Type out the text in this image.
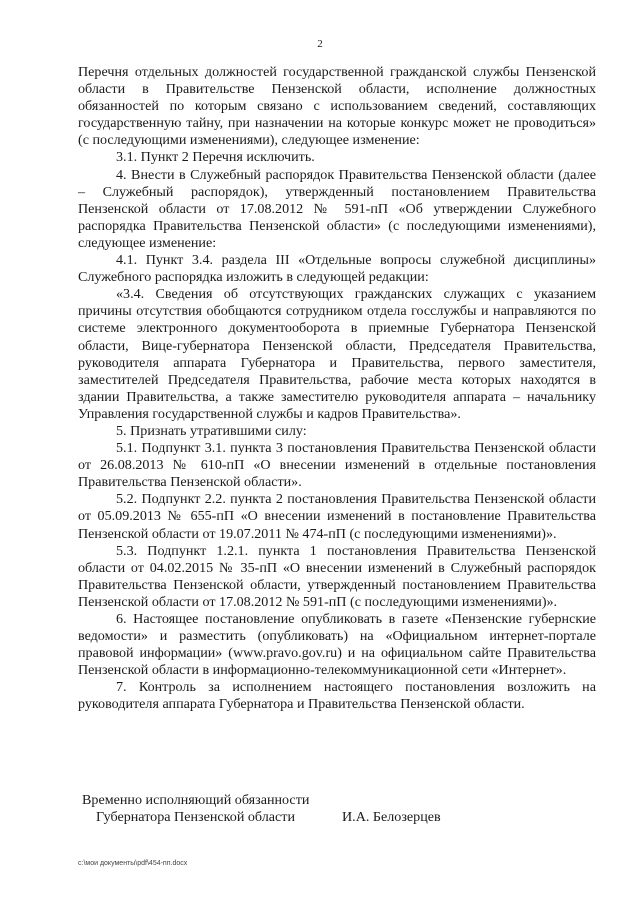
2

Перечня отдельных должностей государственной гражданской службы Пензенской области в Правительстве Пензенской области, исполнение должностных обязанностей по которым связано с использованием сведений, составляющих государственную тайну, при назначении на которые конкурс может не проводиться» (с последующими изменениями), следующее изменение:

3.1. Пункт 2 Перечня исключить.

4. Внести в Служебный распорядок Правительства Пензенской области (далее – Служебный распорядок), утвержденный постановлением Правительства Пензенской области от 17.08.2012 № 591-пП «Об утверждении Служебного распорядка Правительства Пензенской области» (с последующими изменениями), следующее изменение:

4.1. Пункт 3.4. раздела III «Отдельные вопросы служебной дисциплины» Служебного распорядка изложить в следующей редакции:

«3.4. Сведения об отсутствующих гражданских служащих с указанием причины отсутствия обобщаются сотрудником отдела госслужбы и направляются по системе электронного документооборота в приемные Губернатора Пензенской области, Вице-губернатора Пензенской области, Председателя Правительства, руководителя аппарата Губернатора и Правительства, первого заместителя, заместителей Председателя Правительства, рабочие места которых находятся в здании Правительства, а также заместителю руководителя аппарата – начальнику Управления государственной службы и кадров Правительства».

5. Признать утратившими силу:

5.1. Подпункт 3.1. пункта 3 постановления Правительства Пензенской области от 26.08.2013 № 610-пП «О внесении изменений в отдельные постановления Правительства Пензенской области».

5.2. Подпункт 2.2. пункта 2 постановления Правительства Пензенской области от 05.09.2013 № 655-пП «О внесении изменений в постановление Правительства Пензенской области от 19.07.2011 № 474-пП (с последующими изменениями)».

5.3. Подпункт 1.2.1. пункта 1 постановления Правительства Пензенской области от 04.02.2015 № 35-пП «О внесении изменений в Служебный распорядок Правительства Пензенской области, утвержденный постановлением Правительства Пензенской области от 17.08.2012 № 591-пП (с последующими изменениями)».

6. Настоящее постановление опубликовать в газете «Пензенские губернские ведомости» и разместить (опубликовать) на «Официальном интернет-портале правовой информации» (www.pravo.gov.ru) и на официальном сайте Правительства Пензенской области в информационно-телекоммуникационной сети «Интернет».

7. Контроль за исполнением настоящего постановления возложить на руководителя аппарата Губернатора и Правительства Пензенской области.

Временно исполняющий обязанности
Губернатора Пензенской области	И.А. Белозерцев
c:\мои документы\pdf\454-пп.docx
